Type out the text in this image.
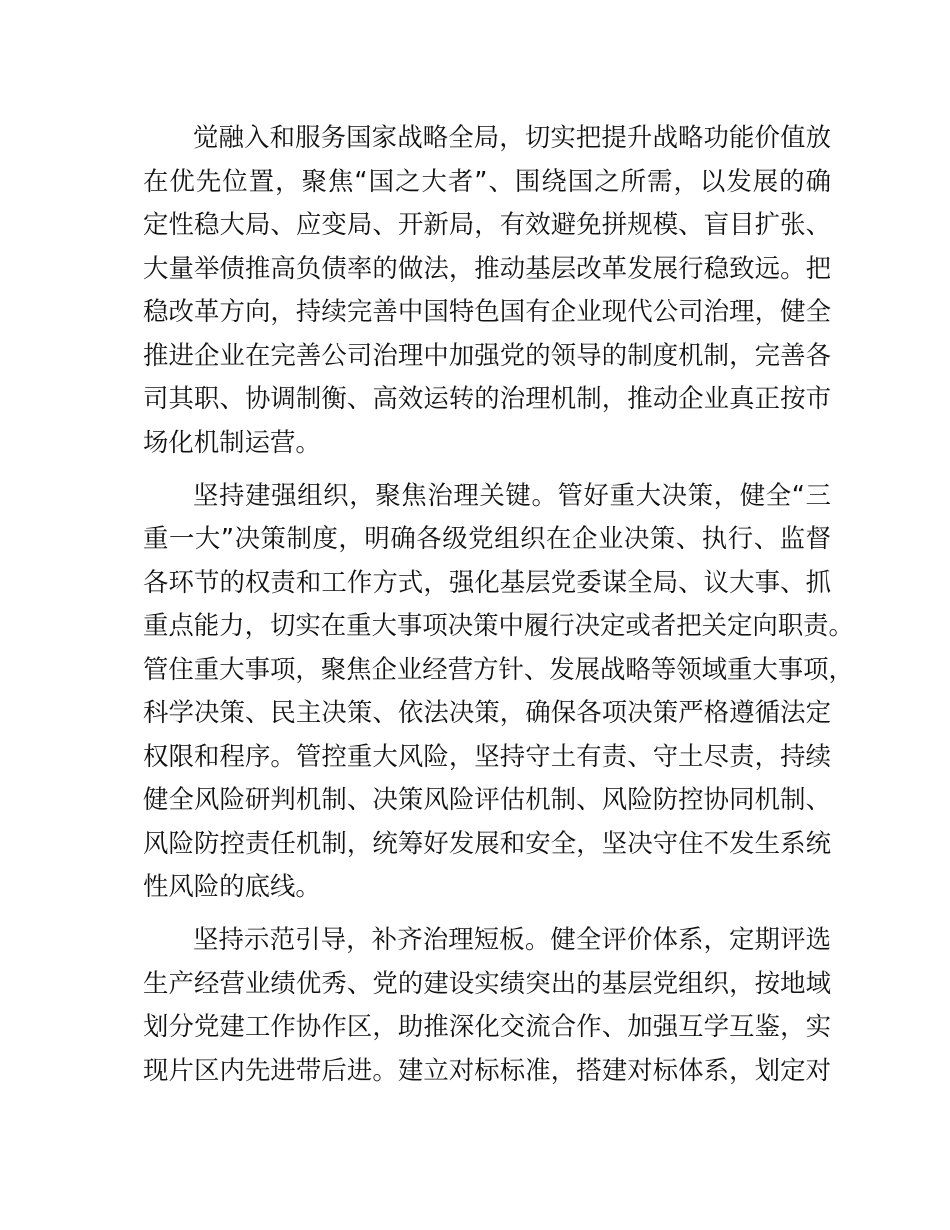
觉融入和服务国家战略全局，切实把提升战略功能价值放
在优先位置，聚焦“国之大者”、围绕国之所需，以发展的确
定性稳大局、应变局、开新局，有效避免拼规模、盲目扩张、
大量举债推高负债率的做法，推动基层改革发展行稳致远。把
稳改革方向，持续完善中国特色国有企业现代公司治理，健全
推进企业在完善公司治理中加强党的领导的制度机制，完善各
司其职、协调制衡、高效运转的治理机制，推动企业真正按市
场化机制运营。
坚持建强组织，聚焦治理关键。管好重大决策，健全“三
重一大”决策制度，明确各级党组织在企业决策、执行、监督
各环节的权责和工作方式，强化基层党委谋全局、议大事、抓
重点能力，切实在重大事项决策中履行决定或者把关定向职责。
管住重大事项，聚焦企业经营方针、发展战略等领域重大事项，
科学决策、民主决策、依法决策，确保各项决策严格遵循法定
权限和程序。管控重大风险，坚持守土有责、守土尽责，持续
健全风险研判机制、决策风险评估机制、风险防控协同机制、
风险防控责任机制，统筹好发展和安全，坚决守住不发生系统
性风险的底线。
坚持示范引导，补齐治理短板。健全评价体系，定期评选
生产经营业绩优秀、党的建设实绩突出的基层党组织，按地域
划分党建工作协作区，助推深化交流合作、加强互学互鉴，实
现片区内先进带后进。建立对标标准，搭建对标体系，划定对
